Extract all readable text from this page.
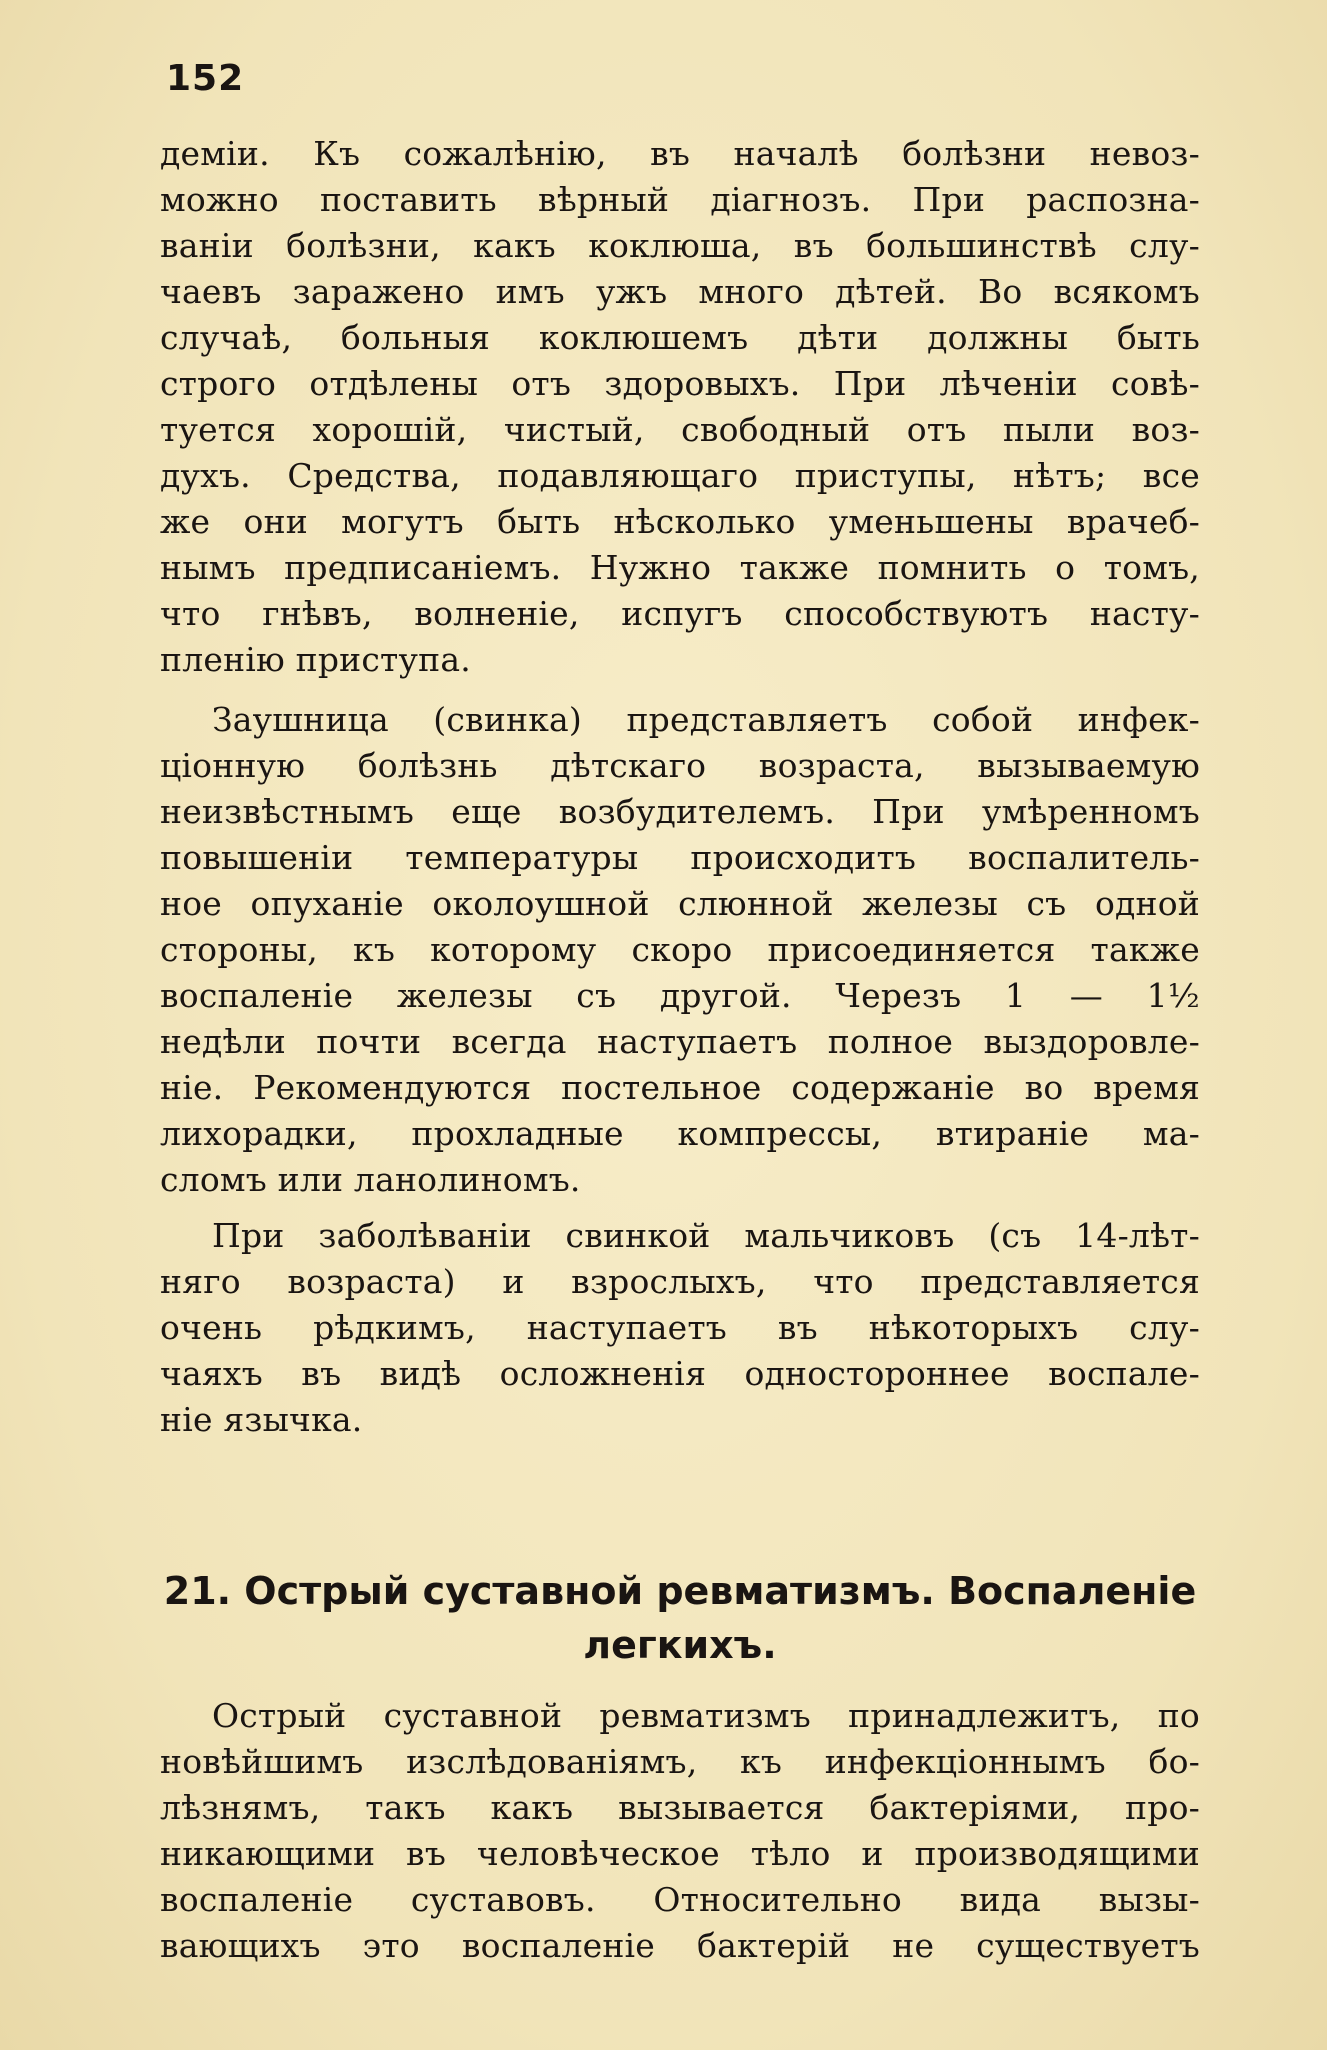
152
деміи. Къ сожалѣнію, въ началѣ болѣзни невоз-
можно поставить вѣрный діагнозъ. При распозна-
ваніи болѣзни, какъ коклюша, въ большинствѣ слу-
чаевъ заражено имъ ужъ много дѣтей. Во всякомъ
случаѣ, больныя коклюшемъ дѣти должны быть
строго отдѣлены отъ здоровыхъ. При лѣченіи совѣ-
туется хорошій, чистый, свободный отъ пыли воз-
духъ. Средства, подавляющаго приступы, нѣтъ; все
же они могутъ быть нѣсколько уменьшены врачеб-
нымъ предписаніемъ. Нужно также помнить о томъ,
что гнѣвъ, волненіе, испугъ способствуютъ насту-
пленію приступа.
Заушница (свинка) представляетъ собой инфек-
ціонную болѣзнь дѣтскаго возраста, вызываемую
неизвѣстнымъ еще возбудителемъ. При умѣренномъ
повышеніи температуры происходитъ воспалитель-
ное опуханіе околоушной слюнной железы съ одной
стороны, къ которому скоро присоединяется также
воспаленіе железы съ другой. Черезъ 1 — 1½
недѣли почти всегда наступаетъ полное выздоровле-
ніе. Рекомендуются постельное содержаніе во время
лихорадки, прохладные компрессы, втираніе ма-
сломъ или ланолиномъ.
При заболѣваніи свинкой мальчиковъ (съ 14-лѣт-
няго возраста) и взрослыхъ, что представляется
очень рѣдкимъ, наступаетъ въ нѣкоторыхъ слу-
чаяхъ въ видѣ осложненія одностороннее воспале-
ніе язычка.
21. Острый суставной ревматизмъ. Воспаленіе
легкихъ.
Острый суставной ревматизмъ принадлежитъ, по
новѣйшимъ изслѣдованіямъ, къ инфекціоннымъ бо-
лѣзнямъ, такъ какъ вызывается бактеріями, про-
никающими въ человѣческое тѣло и производящими
воспаленіе суставовъ. Относительно вида вызы-
вающихъ это воспаленіе бактерій не существуетъ
